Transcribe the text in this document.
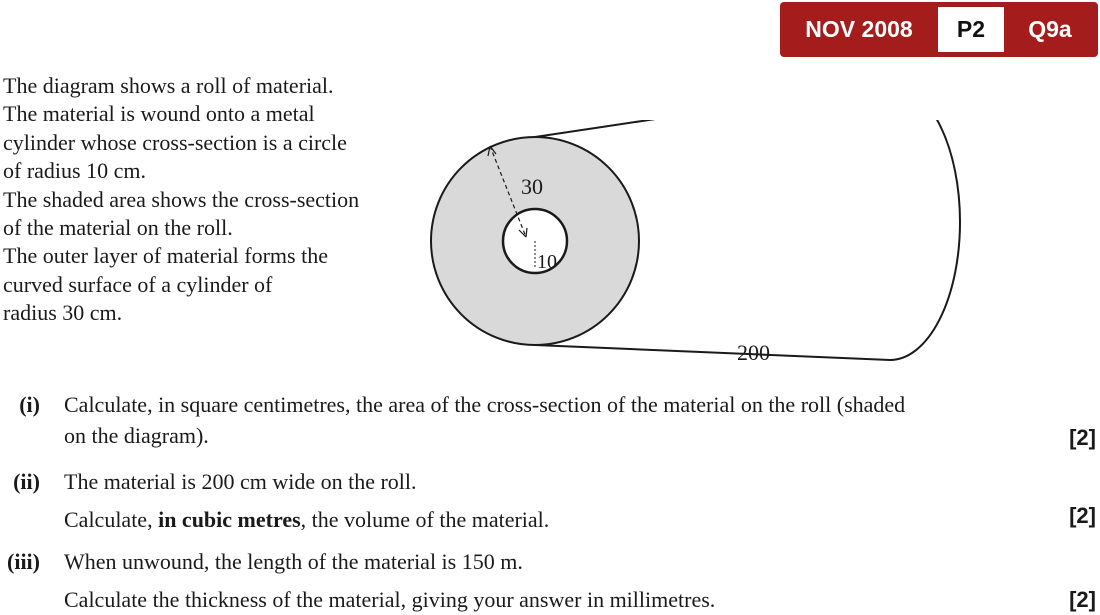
NOV 2008	P2	Q9a
The diagram shows a roll of material.
The material is wound onto a metal
cylinder whose cross-section is a circle
of radius 10 cm.
The shaded area shows the cross-section
of the material on the roll.
The outer layer of material forms the
curved surface of a cylinder of
radius 30 cm.
30
10
200
(i) Calculate, in square centimetres, the area of the cross-section of the material on the roll (shaded
on the diagram).	[2]
(ii) The material is 200 cm wide on the roll.
Calculate, in cubic metres, the volume of the material.	[2]
(iii) When unwound, the length of the material is 150 m.
Calculate the thickness of the material, giving your answer in millimetres.	[2]
